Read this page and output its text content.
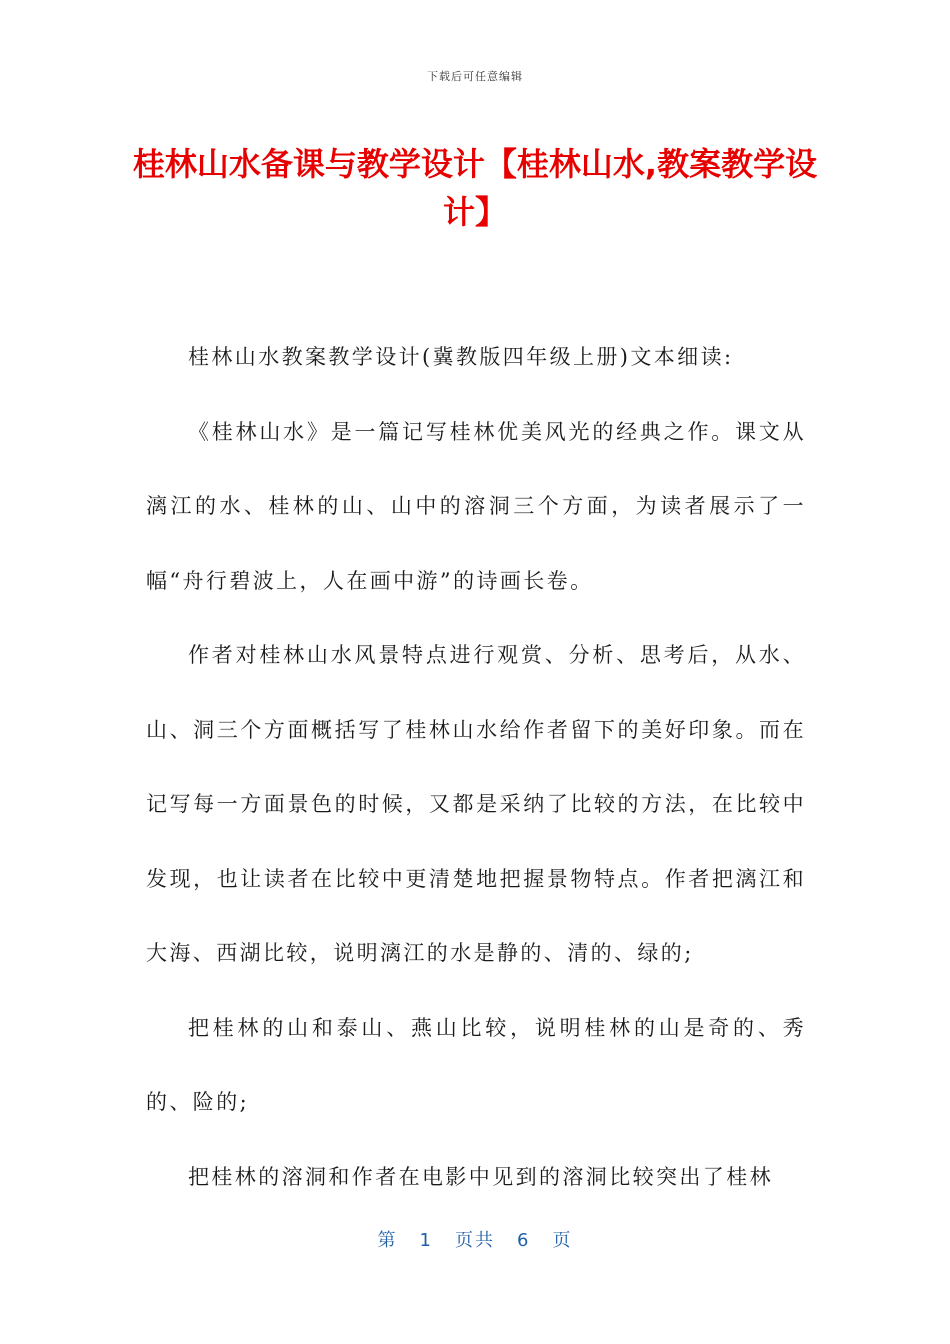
下载后可任意编辑
桂林山水备课与教学设计【桂林山水,教案教学设计】

桂林山水教案教学设计(冀教版四年级上册)文本细读:

《桂林山水》是一篇记写桂林优美风光的经典之作。课文从漓江的水、桂林的山、山中的溶洞三个方面，为读者展示了一幅“舟行碧波上，人在画中游”的诗画长卷。

作者对桂林山水风景特点进行观赏、分析、思考后，从水、山、洞三个方面概括写了桂林山水给作者留下的美好印象。而在记写每一方面景色的时候，又都是采纳了比较的方法，在比较中发现，也让读者在比较中更清楚地把握景物特点。作者把漓江和大海、西湖比较，说明漓江的水是静的、清的、绿的;

把桂林的山和泰山、燕山比较，说明桂林的山是奇的、秀的、险的;

把桂林的溶洞和作者在电影中见到的溶洞比较突出了桂林

第 1 页共 6 页
